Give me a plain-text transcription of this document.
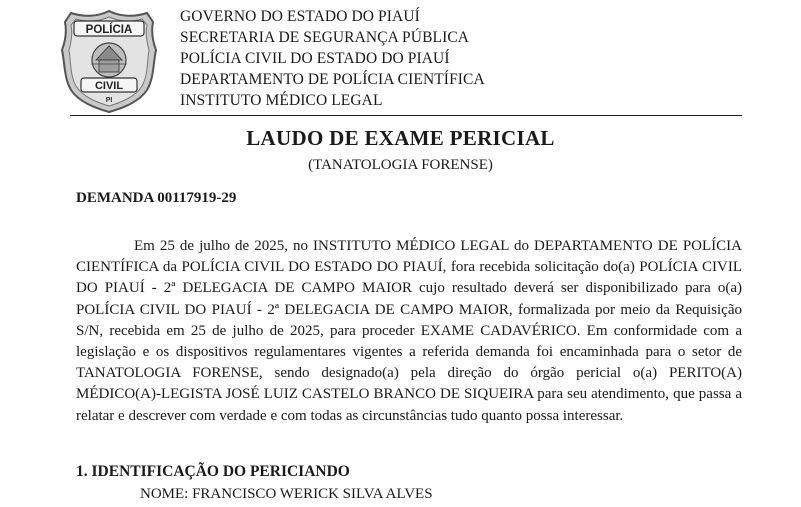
POLÍCIA
CIVIL
PI
GOVERNO DO ESTADO DO PIAUÍ
SECRETARIA DE SEGURANÇA PÚBLICA
POLÍCIA CIVIL DO ESTADO DO PIAUÍ
DEPARTAMENTO DE POLÍCIA CIENTÍFICA
INSTITUTO MÉDICO LEGAL
LAUDO DE EXAME PERICIAL
(TANATOLOGIA FORENSE)
DEMANDA 00117919-29
Em 25 de julho de 2025, no INSTITUTO MÉDICO LEGAL do DEPARTAMENTO DE POLÍCIA CIENTÍFICA da POLÍCIA CIVIL DO ESTADO DO PIAUÍ, fora recebida solicitação do(a) POLÍCIA CIVIL DO PIAUÍ - 2ª DELEGACIA DE CAMPO MAIOR cujo resultado deverá ser disponibilizado para o(a) POLÍCIA CIVIL DO PIAUÍ - 2ª DELEGACIA DE CAMPO MAIOR, formalizada por meio da Requisição S/N, recebida em 25 de julho de 2025, para proceder EXAME CADAVÉRICO. Em conformidade com a legislação e os dispositivos regulamentares vigentes a referida demanda foi encaminhada para o setor de TANATOLOGIA FORENSE, sendo designado(a) pela direção do órgão pericial o(a) PERITO(A) MÉDICO(A)-LEGISTA JOSÉ LUIZ CASTELO BRANCO DE SIQUEIRA para seu atendimento, que passa a relatar e descrever com verdade e com todas as circunstâncias tudo quanto possa interessar.
1. IDENTIFICAÇÃO DO PERICIANDO
NOME: FRANCISCO WERICK SILVA ALVES
